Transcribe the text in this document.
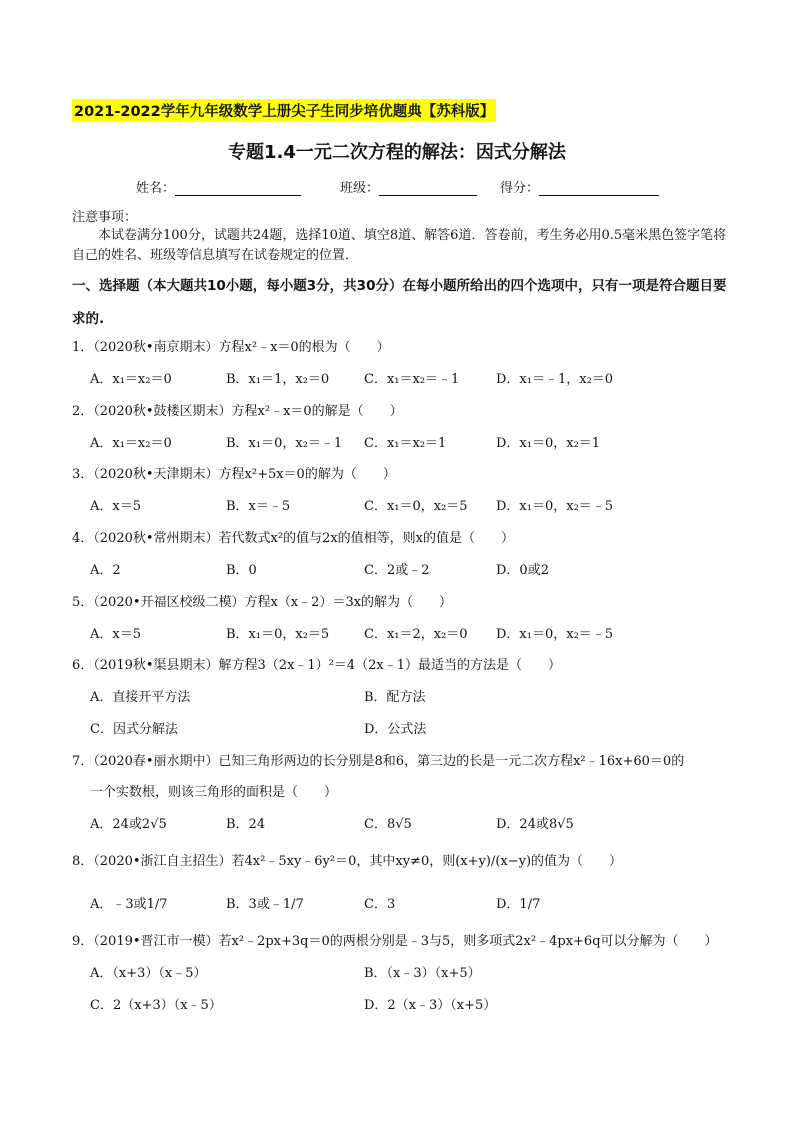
2021-2022学年九年级数学上册尖子生同步培优题典【苏科版】
专题1.4一元二次方程的解法：因式分解法
姓名：	班级：	得分：
注意事项：
本试卷满分100分，试题共24题，选择10道、填空8道、解答6道．答卷前，考生务必用0.5毫米黑色签字笔将自己的姓名、班级等信息填写在试卷规定的位置．
一、选择题（本大题共10小题，每小题3分，共30分）在每小题所给出的四个选项中，只有一项是符合题目要求的.
1．（2020秋•南京期末）方程x²﹣x＝0的根为（　　）
A．x₁＝x₂＝0	B．x₁＝1，x₂＝0	C．x₁＝x₂＝﹣1	D．x₁＝﹣1，x₂＝0
2．（2020秋•鼓楼区期末）方程x²﹣x＝0的解是（　　）
A．x₁＝x₂＝0	B．x₁＝0，x₂＝﹣1 C．x₁＝x₂＝1	D．x₁＝0，x₂＝1
3．（2020秋•天津期末）方程x²+5x＝0的解为（　　）
A．x＝5	B．x＝﹣5	C．x₁＝0，x₂＝5 D．x₁＝0，x₂＝﹣5
4．（2020秋•常州期末）若代数式x²的值与2x的值相等，则x的值是（　　）
A．2	B．0	C．2或﹣2	D．0或2
5．（2020•开福区校级二模）方程x（x﹣2）＝3x的解为（　　）
A．x＝5	B．x₁＝0，x₂＝5	C．x₁＝2，x₂＝0 D．x₁＝0，x₂＝﹣5
6．（2019秋•渠县期末）解方程3（2x﹣1）²＝4（2x﹣1）最适当的方法是（　　）
A．直接开平方法	B．配方法
C．因式分解法	D．公式法
7．（2020春•丽水期中）已知三角形两边的长分别是8和6，第三边的长是一元二次方程x²﹣16x+60＝0的
一个实数根，则该三角形的面积是（　　）
A．24或2√5	B．24	C．8√5	D．24或8√5
8．（2020•浙江自主招生）若4x²﹣5xy﹣6y²＝0，其中xy≠0，则(x+y)/(x−y)的值为（　　）
A．﹣3或1/7	B．3或﹣1/7	C．3	D．1/7
9．（2019•晋江市一模）若x²﹣2px+3q＝0的两根分别是﹣3与5，则多项式2x²﹣4px+6q可以分解为（　　）
A．（x+3）（x﹣5）	B．（x﹣3）（x+5）
C．2（x+3）（x﹣5）	D．2（x﹣3）（x+5）
